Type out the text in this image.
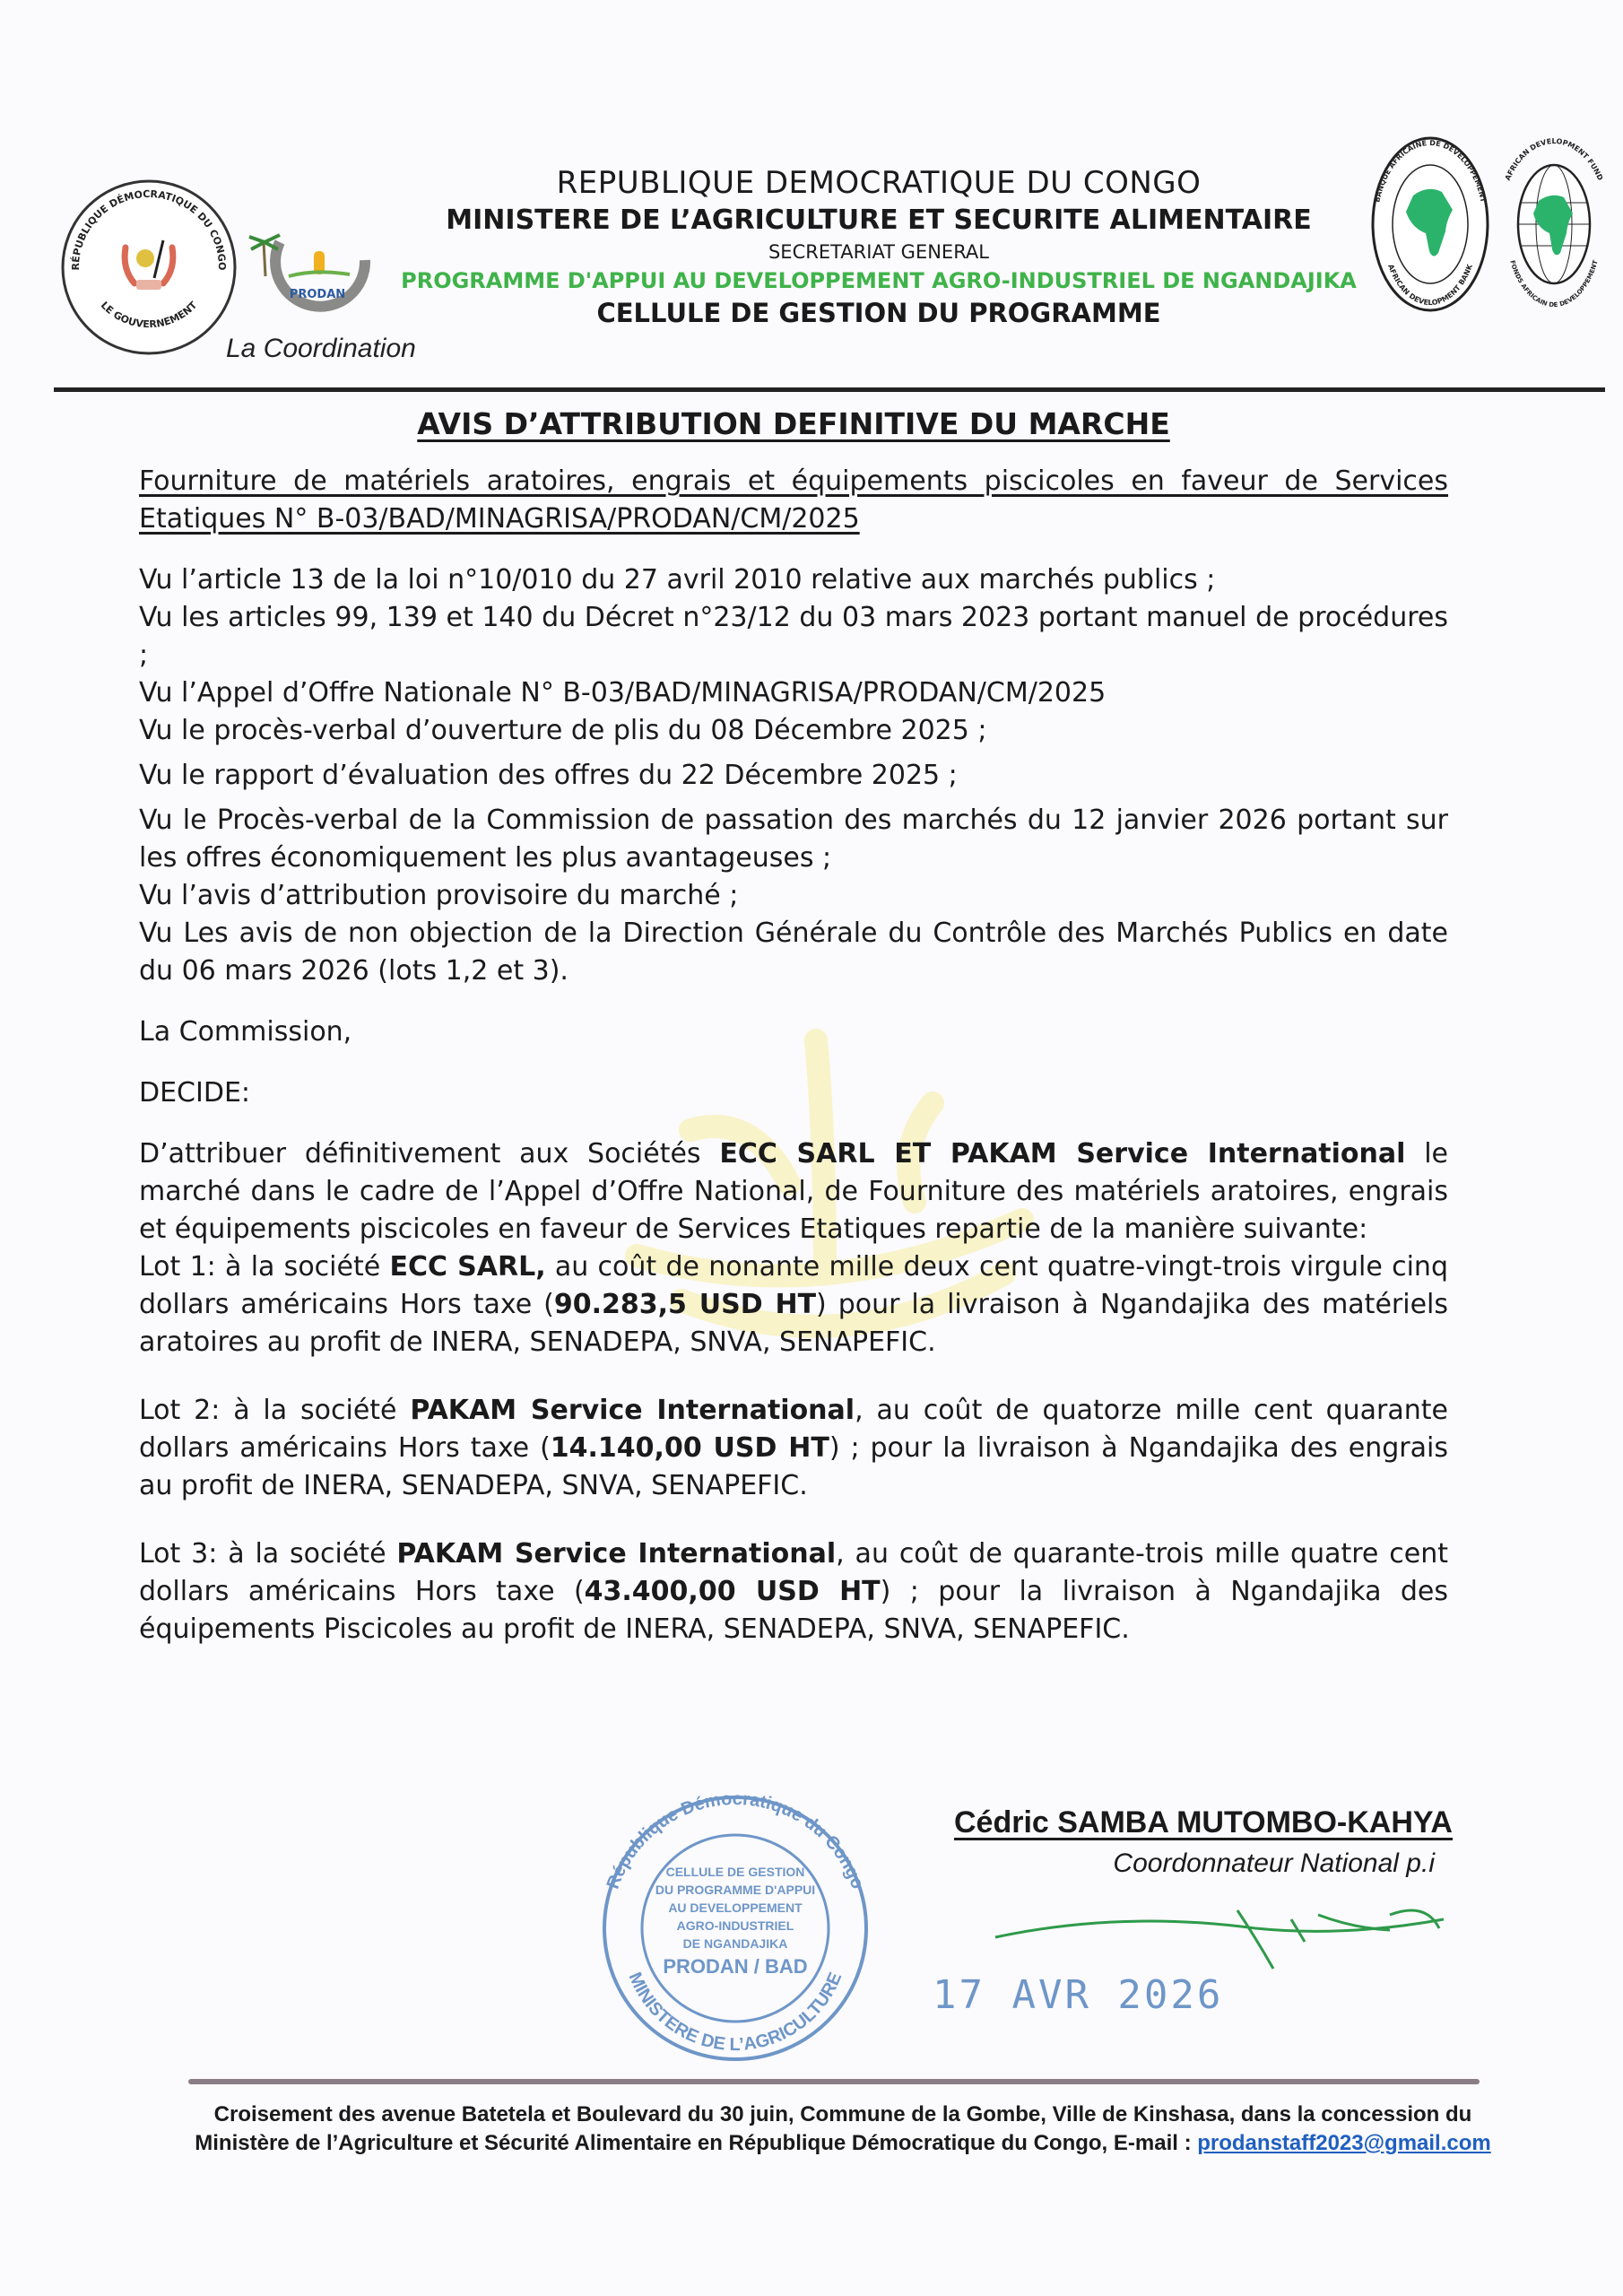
RÉPUBLIQUE DÉMOCRATIQUE DU CONGO
LE GOUVERNEMENT
PRODAN
La Coordination
REPUBLIQUE DEMOCRATIQUE DU CONGO
MINISTERE DE L’AGRICULTURE ET SECURITE ALIMENTAIRE
SECRETARIAT GENERAL
PROGRAMME D'APPUI AU DEVELOPPEMENT AGRO-INDUSTRIEL DE NGANDAJIKA
CELLULE DE GESTION DU PROGRAMME
BANQUE AFRICAINE DE DEVELOPPEMENT
AFRICAN DEVELOPMENT BANK
AFRICAN DEVELOPMENT FUND
FONDS AFRICAIN DE DEVELOPPEMENT
AVIS D’ATTRIBUTION DEFINITIVE DU MARCHE

Fourniture de matériels aratoires, engrais et équipements piscicoles en faveur de Services Etatiques N° B-03/BAD/MINAGRISA/PRODAN/CM/2025

Vu l’article 13 de la loi n°10/010 du 27 avril 2010 relative aux marchés publics ;

Vu les articles 99, 139 et 140 du Décret n°23/12 du 03 mars 2023 portant manuel de procédures ;

Vu l’Appel d’Offre Nationale N° B-03/BAD/MINAGRISA/PRODAN/CM/2025

Vu le procès-verbal d’ouverture de plis du 08 Décembre 2025 ;

Vu le rapport d’évaluation des offres du 22 Décembre 2025 ;

Vu le Procès-verbal de la Commission de passation des marchés du 12 janvier 2026 portant sur les offres économiquement les plus avantageuses ;

Vu l’avis d’attribution provisoire du marché ;

Vu Les avis de non objection de la Direction Générale du Contrôle des Marchés Publics en date du 06 mars 2026 (lots 1,2 et 3).

La Commission,

DECIDE:

D’attribuer définitivement aux Sociétés ECC SARL ET PAKAM Service International le marché dans le cadre de l’Appel d’Offre National, de Fourniture des matériels aratoires, engrais et équipements piscicoles en faveur de Services Etatiques repartie de la manière suivante:

Lot 1: à la société ECC SARL, au coût de nonante mille deux cent quatre-vingt-trois virgule cinq dollars américains Hors taxe (90.283,5 USD HT) pour la livraison à Ngandajika des matériels aratoires au profit de INERA, SENADEPA, SNVA, SENAPEFIC.

Lot 2: à la société PAKAM Service International, au coût de quatorze mille cent quarante dollars américains Hors taxe (14.140,00 USD HT) ; pour la livraison à Ngandajika des engrais au profit de INERA, SENADEPA, SNVA, SENAPEFIC.

Lot 3: à la société PAKAM Service International, au coût de quarante-trois mille quatre cent dollars américains Hors taxe (43.400,00 USD HT) ; pour la livraison à Ngandajika des équipements Piscicoles au profit de INERA, SENADEPA, SNVA, SENAPEFIC.

République Démocratique du Congo
MINISTERE DE L’AGRICULTURE
CELLULE DE GESTION
DU PROGRAMME D'APPUI
AU DEVELOPPEMENT
AGRO-INDUSTRIEL
DE NGANDAJIKA
PRODAN / BAD
Cédric SAMBA MUTOMBO-KAHYA
Coordonnateur National p.i
17 AVR 2026
Croisement des avenue Batetela et Boulevard du 30 juin, Commune de la Gombe, Ville de Kinshasa, dans la concession du
Ministère de l’Agriculture et Sécurité Alimentaire en République Démocratique du Congo, E-mail : prodanstaff2023@gmail.com
